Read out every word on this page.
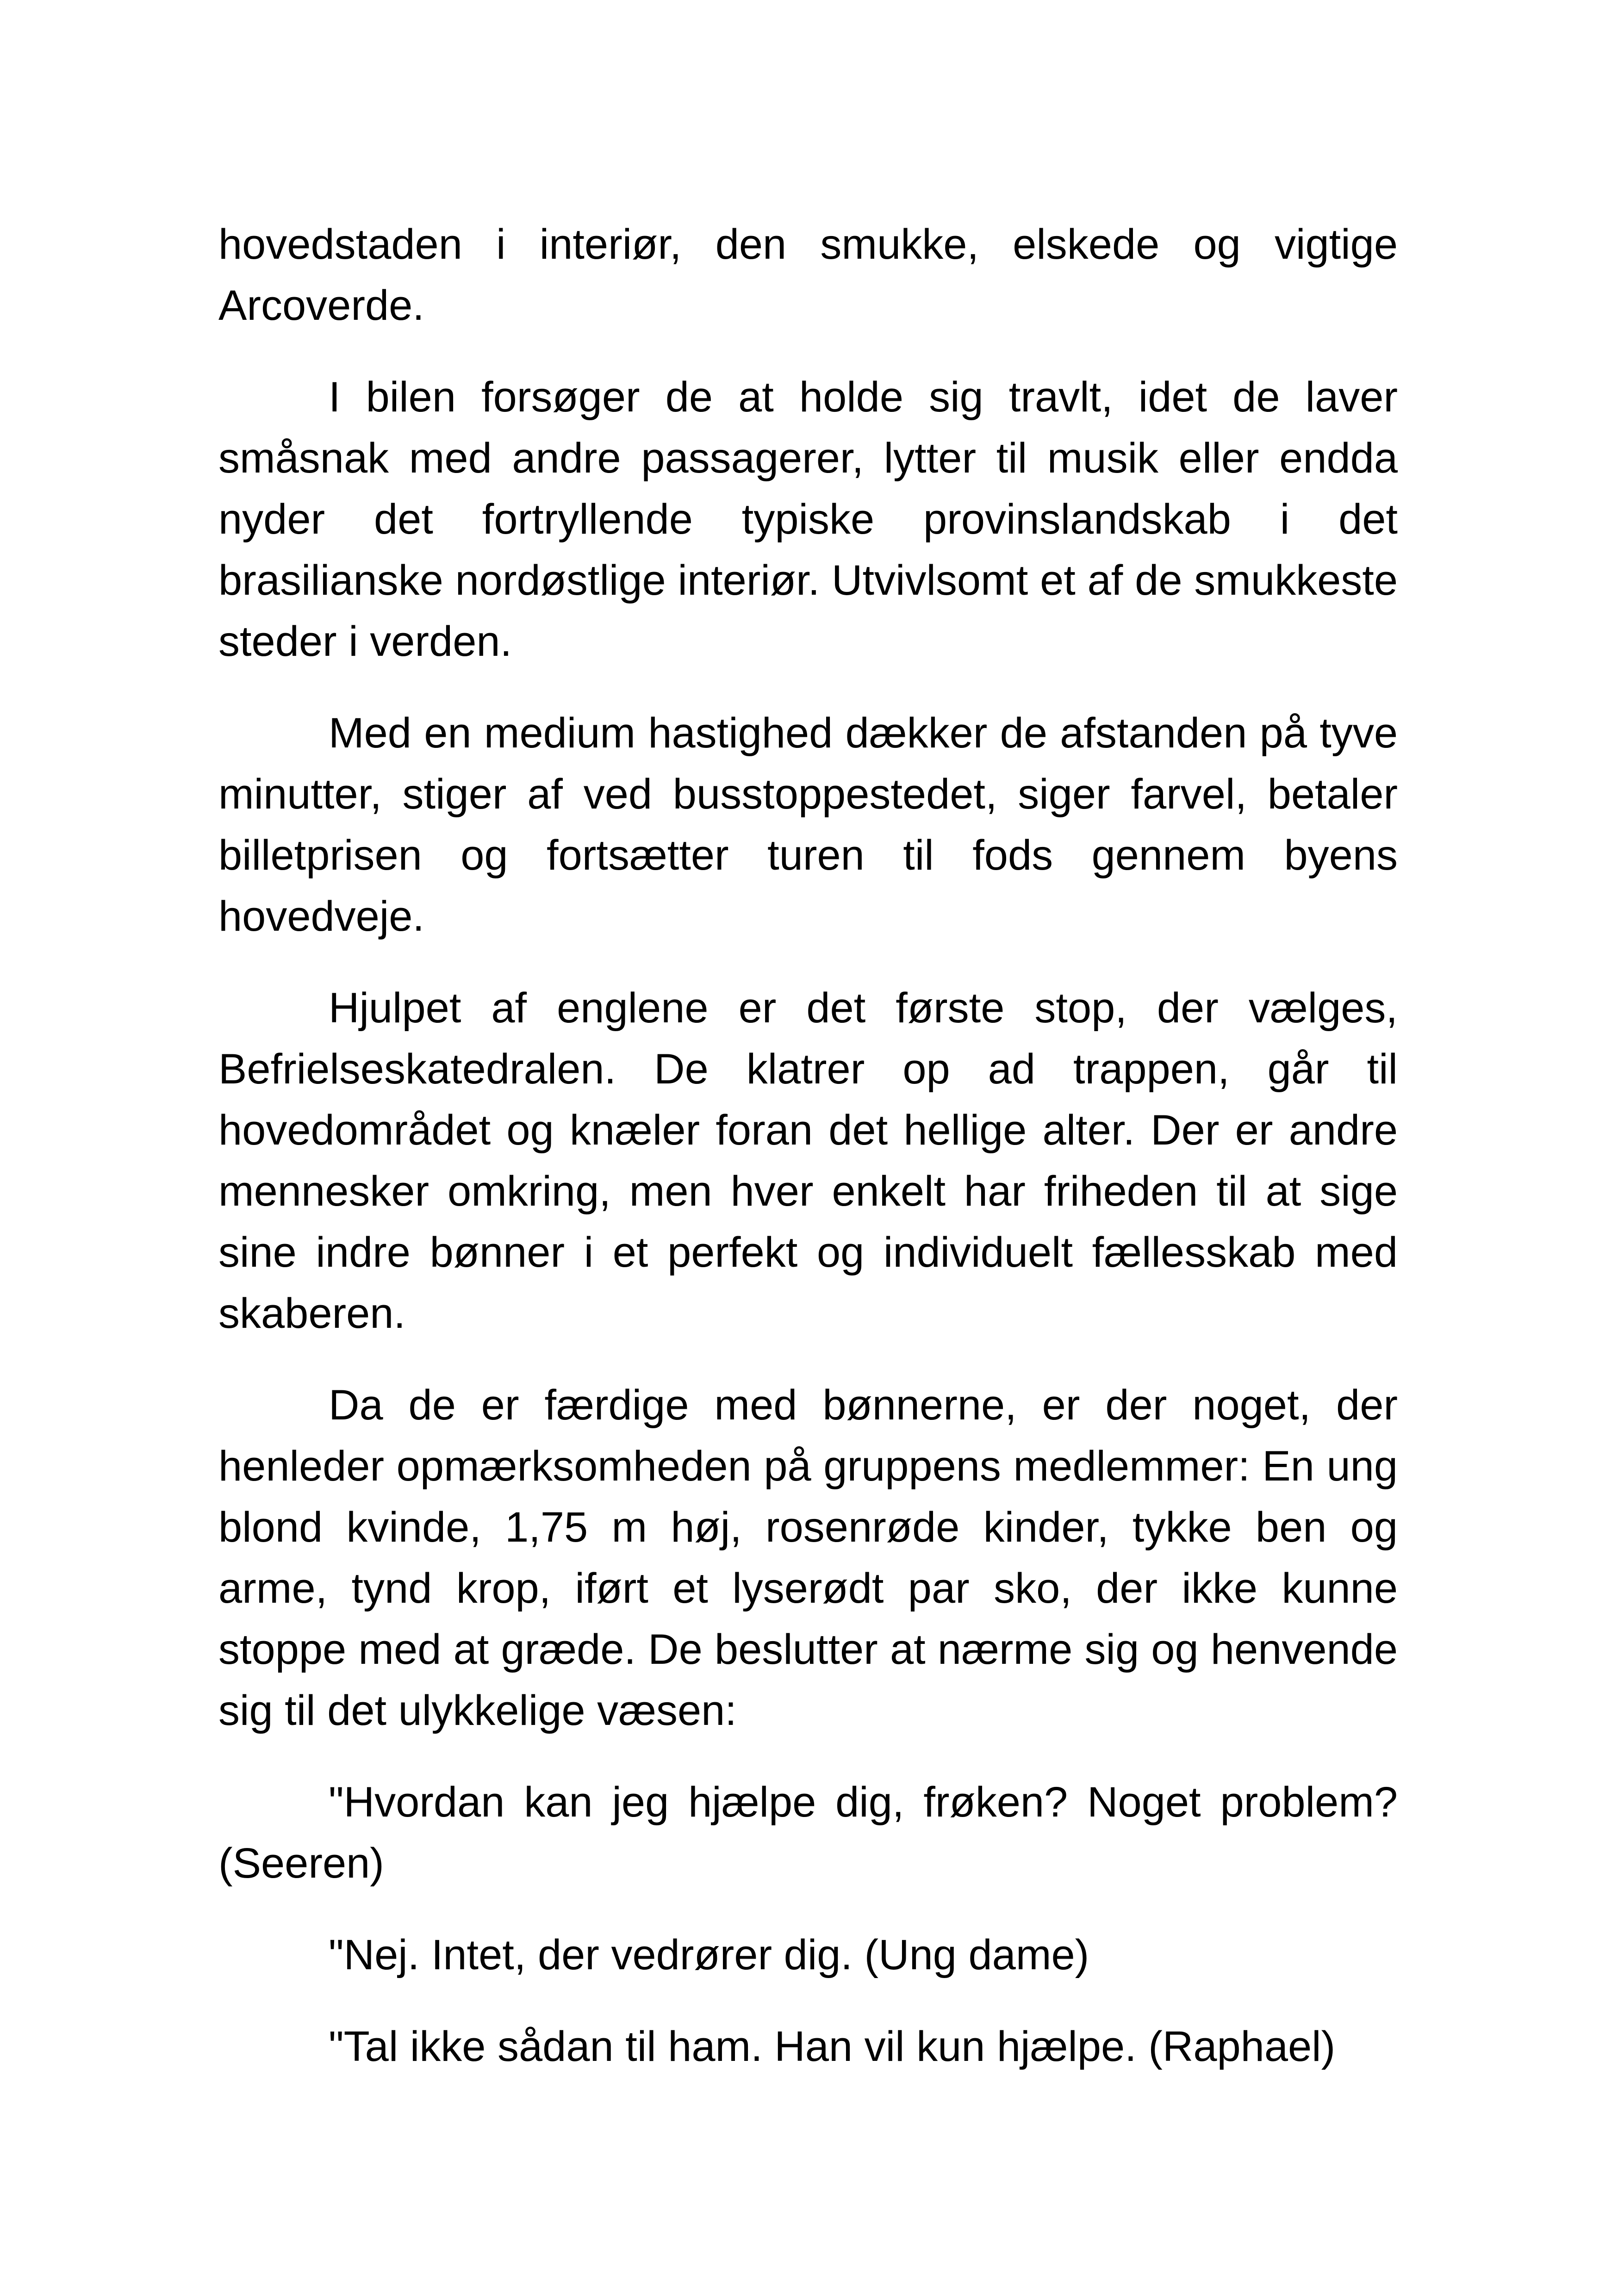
hovedstaden i interiør, den smukke, elskede og vigtige Arcoverde.

I bilen forsøger de at holde sig travlt, idet de laver småsnak med andre passagerer, lytter til musik eller endda nyder det fortryllende typiske provinslandskab i det brasilianske nordøstlige interiør. Utvivlsomt et af de smukkeste steder i verden.

Med en medium hastighed dækker de afstanden på tyve minutter, stiger af ved busstoppestedet, siger farvel, betaler billetprisen og fortsætter turen til fods gennem byens hovedveje.

Hjulpet af englene er det første stop, der vælges, Befrielseskatedralen. De klatrer op ad trappen, går til hovedområdet og knæler foran det hellige alter. Der er andre mennesker omkring, men hver enkelt har friheden til at sige sine indre bønner i et perfekt og individuelt fællesskab med skaberen.

Da de er færdige med bønnerne, er der noget, der henleder opmærksomheden på gruppens medlemmer: En ung blond kvinde, 1,75 m høj, rosenrøde kinder, tykke ben og arme, tynd krop, iført et lyserødt par sko, der ikke kunne stoppe med at græde. De beslutter at nærme sig og henvende sig til det ulykkelige væsen:

"Hvordan kan jeg hjælpe dig, frøken? Noget problem? (Seeren)

"Nej. Intet, der vedrører dig. (Ung dame)

"Tal ikke sådan til ham. Han vil kun hjælpe. (Raphael)
